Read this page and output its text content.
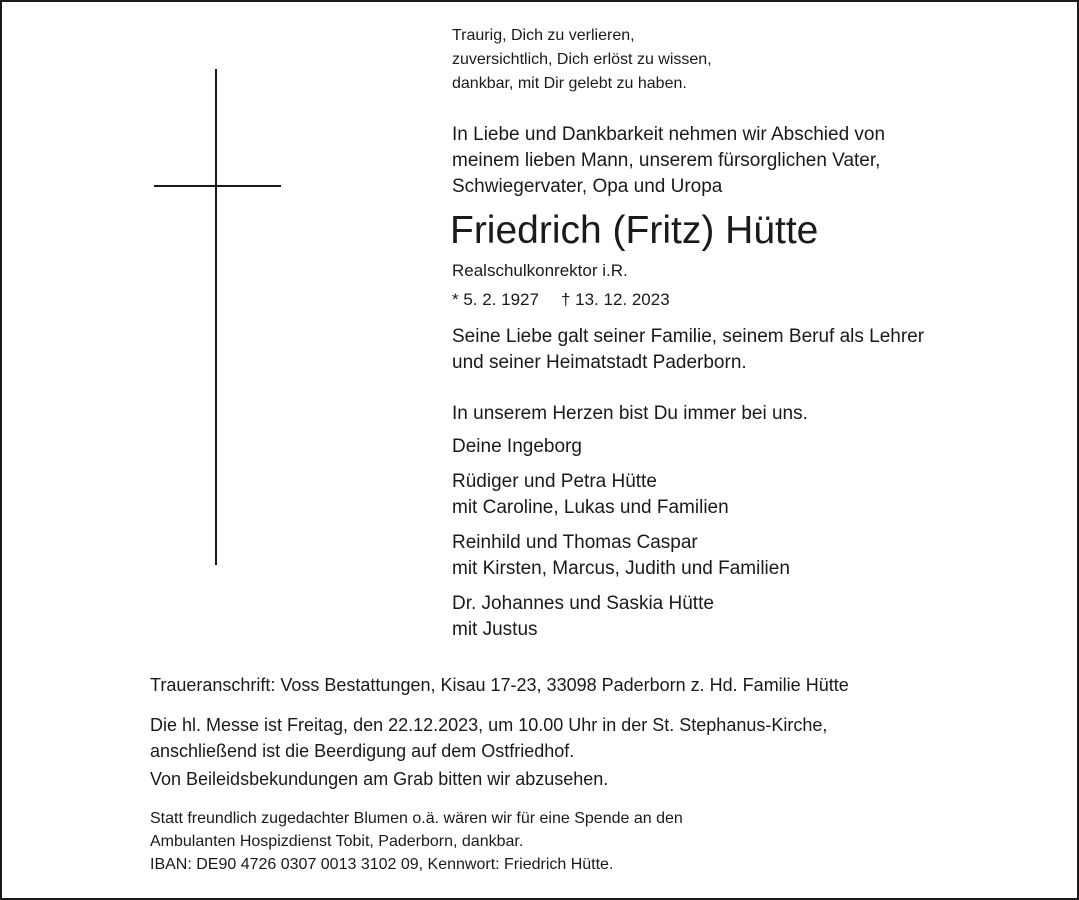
Traurig, Dich zu verlieren,
zuversichtlich, Dich erlöst zu wissen,
dankbar, mit Dir gelebt zu haben.

In Liebe und Dankbarkeit nehmen wir Abschied von
meinem lieben Mann, unserem fürsorglichen Vater,
Schwiegervater, Opa und Uropa

Friedrich (Fritz) Hütte

Realschulkonrektor i.R.

* 5. 2. 1927 † 13. 12. 2023

Seine Liebe galt seiner Familie, seinem Beruf als Lehrer
und seiner Heimatstadt Paderborn.

In unserem Herzen bist Du immer bei uns.

Deine Ingeborg

Rüdiger und Petra Hütte
mit Caroline, Lukas und Familien

Reinhild und Thomas Caspar
mit Kirsten, Marcus, Judith und Familien

Dr. Johannes und Saskia Hütte
mit Justus

Traueranschrift: Voss Bestattungen, Kisau 17-23, 33098 Paderborn z. Hd. Familie Hütte

Die hl. Messe ist Freitag, den 22.12.2023, um 10.00 Uhr in der St. Stephanus-Kirche,
anschließend ist die Beerdigung auf dem Ostfriedhof.

Von Beileidsbekundungen am Grab bitten wir abzusehen.

Statt freundlich zugedachter Blumen o.ä. wären wir für eine Spende an den
Ambulanten Hospizdienst Tobit, Paderborn, dankbar.
IBAN: DE90 4726 0307 0013 3102 09, Kennwort: Friedrich Hütte.
